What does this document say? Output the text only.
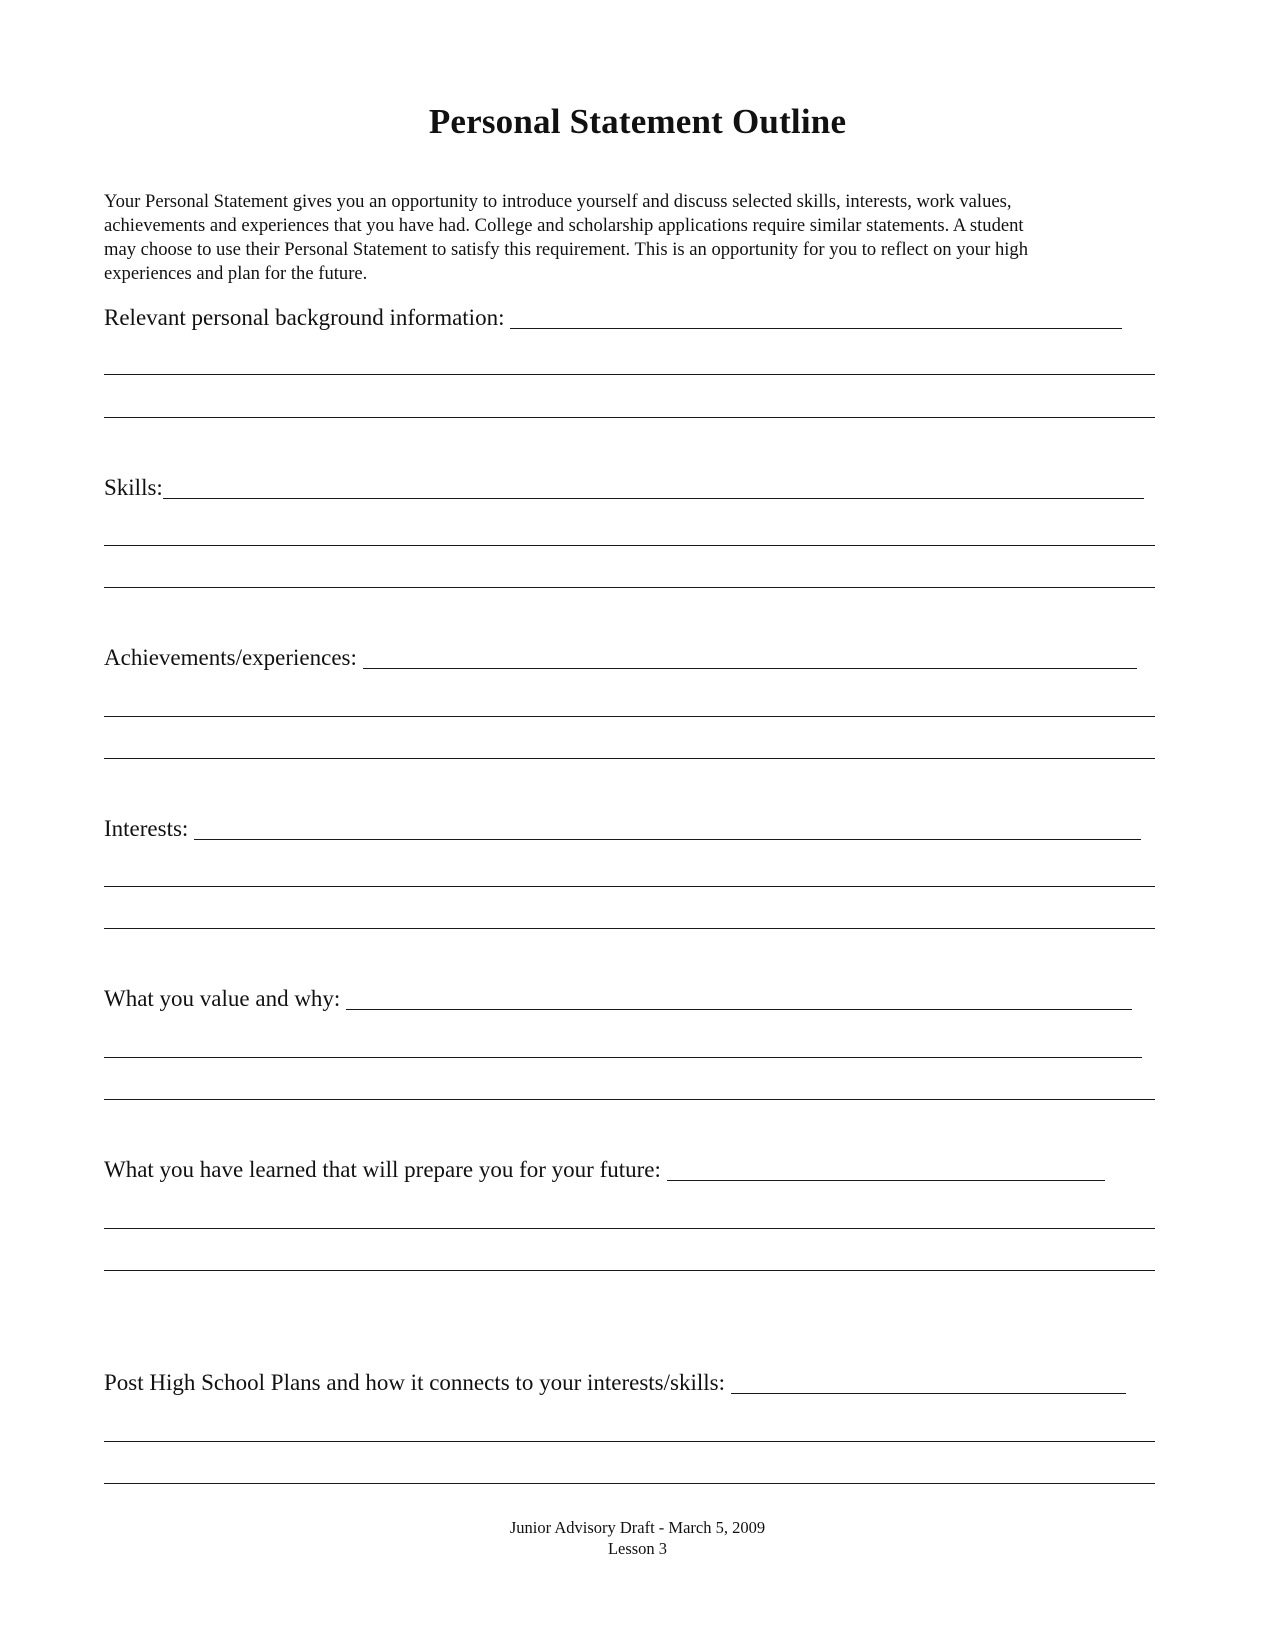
Personal Statement Outline

Your Personal Statement gives you an opportunity to introduce yourself and discuss selected skills, interests, work values,

achievements and experiences that you have had. College and scholarship applications require similar statements. A student

may choose to use their Personal Statement to satisfy this requirement. This is an opportunity for you to reflect on your high

experiences and plan for the future.

Relevant personal background information:
Skills:
Achievements/experiences:
Interests:
What you value and why:
What you have learned that will prepare you for your future:
Post High School Plans and how it connects to your interests/skills:
Junior Advisory Draft - March 5, 2009
Lesson 3
